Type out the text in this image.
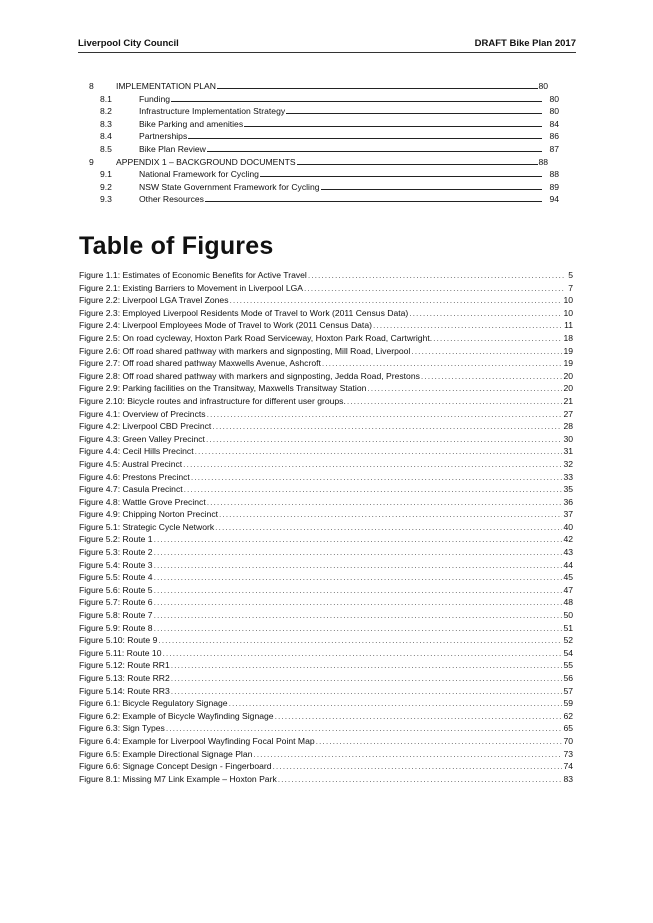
Liverpool City Council	DRAFT Bike Plan 2017
8	IMPLEMENTATION PLAN	80
8.1	Funding	80
8.2	Infrastructure Implementation Strategy	80
8.3	Bike Parking and amenities	84
8.4	Partnerships	86
8.5	Bike Plan Review	87
9	APPENDIX 1 – BACKGROUND DOCUMENTS	88
9.1	National Framework for Cycling	88
9.2	NSW State Government Framework for Cycling	89
9.3	Other Resources	94
Table of Figures
Figure 1.1: Estimates of Economic Benefits for Active Travel .....	5
Figure 2.1: Existing Barriers to Movement in Liverpool LGA .....	7
Figure 2.2: Liverpool LGA Travel Zones .....	10
Figure 2.3: Employed Liverpool Residents Mode of Travel to Work (2011 Census Data) .....	10
Figure 2.4: Liverpool Employees Mode of Travel to Work (2011 Census Data) .....	11
Figure 2.5: On road cycleway, Hoxton Park Road Serviceway, Hoxton Park Road, Cartwright. .....	18
Figure 2.6: Off road shared pathway with markers and signposting, Mill Road, Liverpool .....	19
Figure 2.7: Off road shared pathway Maxwells Avenue, Ashcroft .....	19
Figure 2.8: Off road shared pathway with markers and signposting, Jedda Road, Prestons .....	20
Figure 2.9: Parking facilities on the Transitway, Maxwells Transitway Station .....	20
Figure 2.10: Bicycle routes and infrastructure for different user groups. .....	21
Figure 4.1: Overview of Precincts .....	27
Figure 4.2: Liverpool CBD Precinct .....	28
Figure 4.3: Green Valley Precinct .....	30
Figure 4.4: Cecil Hills Precinct .....	31
Figure 4.5: Austral Precinct .....	32
Figure 4.6: Prestons Precinct .....	33
Figure 4.7: Casula Precinct .....	35
Figure 4.8: Wattle Grove Precinct .....	36
Figure 4.9: Chipping Norton Precinct .....	37
Figure 5.1: Strategic Cycle Network .....	40
Figure 5.2: Route 1 .....	42
Figure 5.3: Route 2 .....	43
Figure 5.4: Route 3 .....	44
Figure 5.5: Route 4 .....	45
Figure 5.6: Route 5 .....	47
Figure 5.7: Route 6 .....	48
Figure 5.8: Route 7 .....	50
Figure 5.9: Route 8 .....	51
Figure 5.10: Route 9 .....	52
Figure 5.11: Route 10 .....	54
Figure 5.12: Route RR1 .....	55
Figure 5.13: Route RR2 .....	56
Figure 5.14: Route RR3 .....	57
Figure 6.1: Bicycle Regulatory Signage .....	59
Figure 6.2: Example of Bicycle Wayfinding Signage .....	62
Figure 6.3: Sign Types .....	65
Figure 6.4: Example for Liverpool Wayfinding Focal Point Map .....	70
Figure 6.5: Example Directional Signage Plan .....	73
Figure 6.6: Signage Concept Design - Fingerboard .....	74
Figure 8.1: Missing M7 Link Example – Hoxton Park .....	83
